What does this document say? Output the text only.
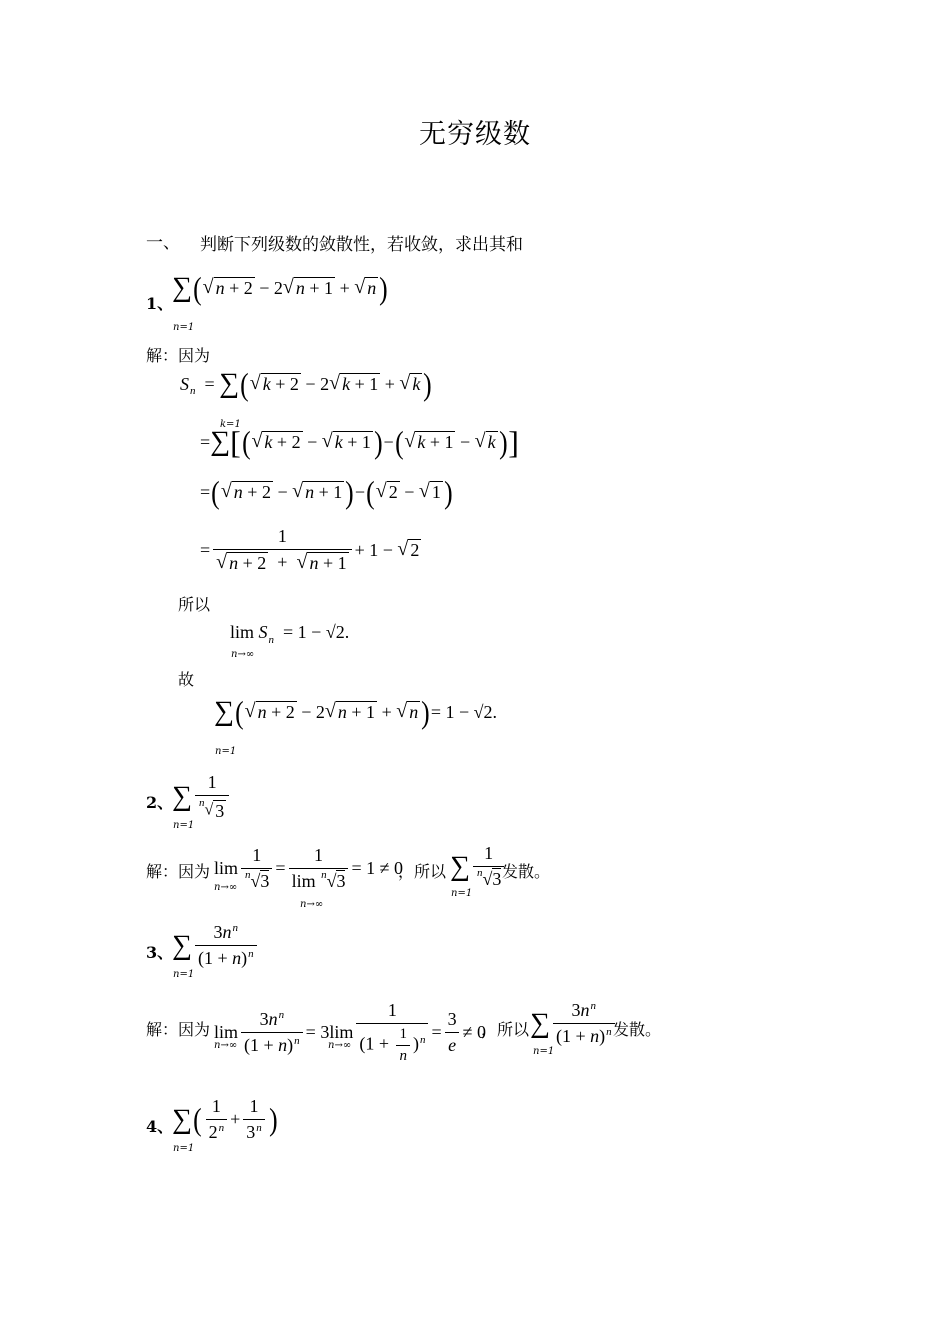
无穷级数
一、 判断下列级数的敛散性，若收敛，求出其和
1、
∑ ( √ n + 2 − 2 √ n + 1 + √ n )
n=1
解：因为
S n = ∑ ( √ k + 2 − 2 √ k + 1 + √ k )
k=1
= ∑ [ ( √ k + 2 − √ k + 1 ) − ( √ k + 1 − √ k ) ]
= ( √ n + 2 − √ n + 1 ) − ( √ 2 − √ 1 )
= $\frac{1}{√ n + 2 + √ n + 1} + 1$ − √ 2
所以
lim
S n
= 1 − √2.
n→∞
故
∑ ( √ n + 2 − 2 √ n + 1 + √ n ) = 1 − √2.
n=1
2、
∑ $\frac{1}{^n√ 3}$
n=1
解：因为 $\lim \frac{1}{^n√3} = \frac{1}{\lim ^n√3} = 1 \ne 0$
n→∞
n→∞
，所以 ∑ $\frac{1}{^n√3}$
n=1
发散。
3、
∑ $\frac{3n^n}{(1 + n)^n}$
n=1
解：因为 $\lim \frac{3n^n}{(1 + n)^n} = 3\lim \frac{1}{(1 + \frac{1}{n} )^n} = \frac{3}{e} \ne 0$
n→∞	n→∞
，所以 ∑ $\frac{3n^n}{(1 + n)^n}$
n=1
发散。
4、
∑ ( $\frac{1}{2^n} + \frac{1}{3^n}$ )
n=1
